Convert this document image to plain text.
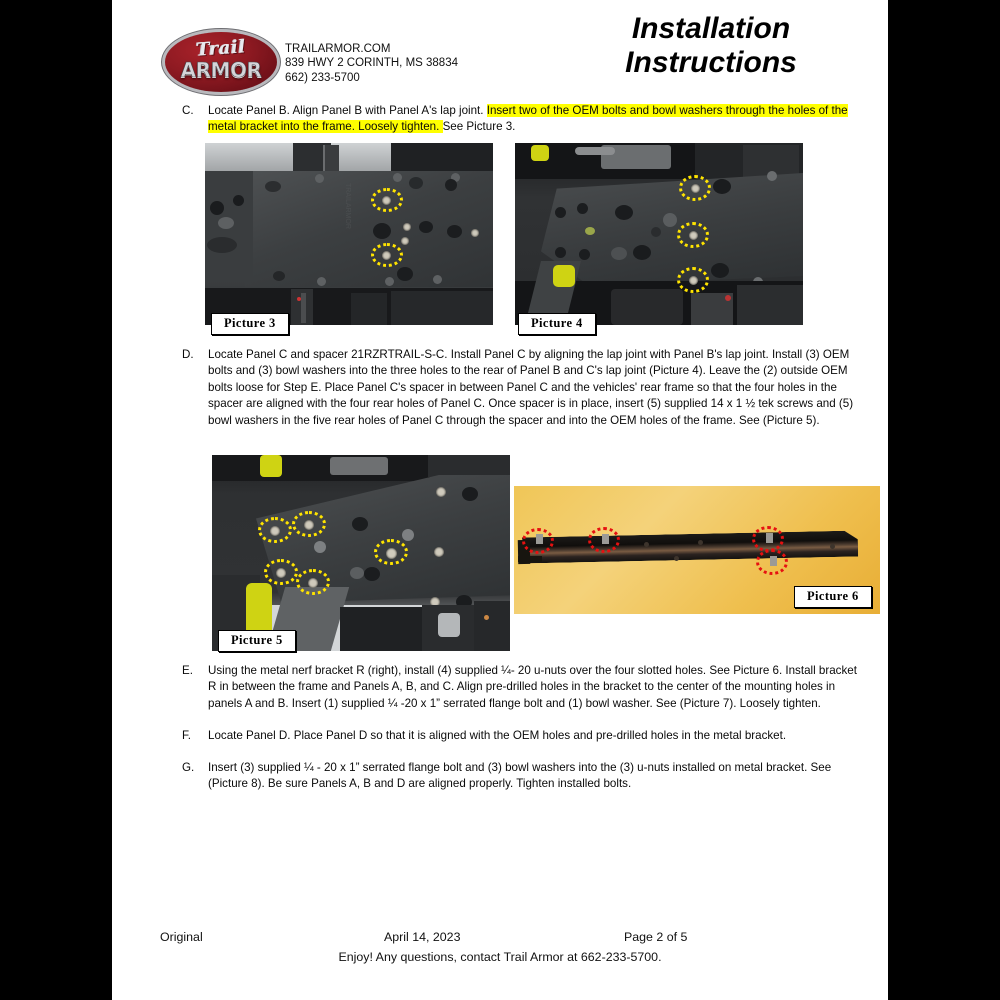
Trail
ARMOR
TRAILARMOR.COM
839 HWY 2 CORINTH, MS 38834
662) 233-5700
Installation
Instructions
C.	Locate Panel B. Align Panel B with Panel A's lap joint. Insert two of the OEM bolts and bowl washers through the holes of the metal bracket into the frame. Loosely tighten. See Picture 3.
TRAILARMOR
Picture 3	Picture 4
D.	Locate Panel C and spacer 21RZRTRAIL-S-C. Install Panel C by aligning the lap joint with Panel B's lap joint. Install (3) OEM bolts and (3) bowl washers into the three holes to the rear of Panel B and C's lap joint (Picture 4). Leave the (2) outside OEM bolts loose for Step E. Place Panel C's spacer in between Panel C and the vehicles' rear frame so that the four holes in the spacer are aligned with the four rear holes of Panel C. Once spacer is in place, insert (5) supplied 14 x 1 ½ tek screws and (5) bowl washers in the five rear holes of Panel C through the spacer and into the OEM holes of the frame. See (Picture 5).
Picture 5
Picture 6
E.	Using the metal nerf bracket R (right), install (4) supplied ¼- 20 u-nuts over the four slotted holes. See Picture 6. Install bracket R in between the frame and Panels A, B, and C. Align pre-drilled holes in the bracket to the center of the mounting holes in panels A and B. Insert (1) supplied ¼ -20 x 1” serrated flange bolt and (1) bowl washer. See (Picture 7). Loosely tighten.
F.	Locate Panel D. Place Panel D so that it is aligned with the OEM holes and pre-drilled holes in the metal bracket.
G.	Insert (3) supplied ¼ - 20 x 1” serrated flange bolt and (3) bowl washers into the (3) u-nuts installed on metal bracket. See (Picture 8). Be sure Panels A, B and D are aligned properly. Tighten installed bolts.
Original	April 14, 2023	Page 2 of 5
Enjoy! Any questions, contact Trail Armor at 662-233-5700.
